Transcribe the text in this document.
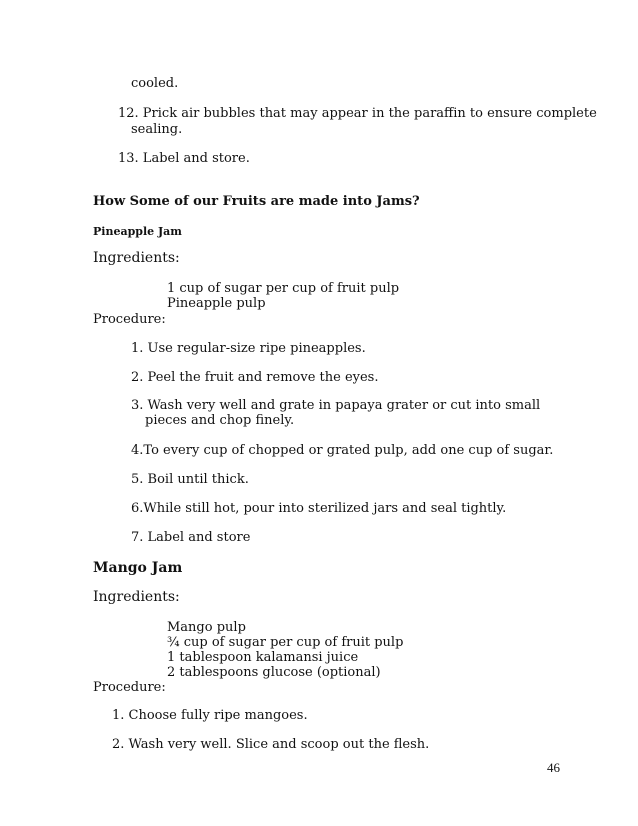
cooled.
12. Prick air bubbles that may appear in the paraffin to ensure complete
sealing.
13. Label and store.
How Some of our Fruits are made into Jams?
Pineapple Jam
Ingredients:
1 cup of sugar per cup of fruit pulp
Pineapple pulp
Procedure:
1. Use regular-size ripe pineapples.
2. Peel the fruit and remove the eyes.
3. Wash very well and grate in papaya grater or cut into small
pieces and chop finely.
4.To every cup of chopped or grated pulp, add one cup of sugar.
5. Boil until thick.
6.While still hot, pour into sterilized jars and seal tightly.
7. Label and store
Mango Jam
Ingredients:
Mango pulp
¾ cup of sugar per cup of fruit pulp
1 tablespoon kalamansi juice
2 tablespoons glucose (optional)
Procedure:
1. Choose fully ripe mangoes.
2. Wash very well. Slice and scoop out the flesh.
46
